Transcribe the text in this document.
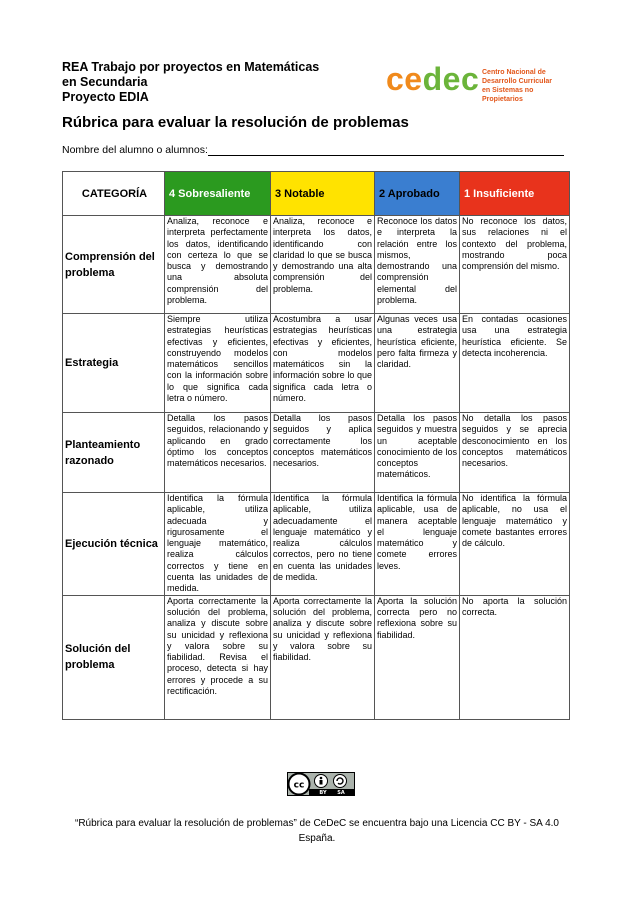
REA Trabajo por proyectos en Matemáticas
en Secundaria
Proyecto EDIA	cedec Centro Nacional de
Desarrollo Curricular
en Sistemas no Propietarios
Rúbrica para evaluar la resolución de problemas
Nombre del alumno o alumnos:
CATEGORÍA	4 Sobresaliente	3 Notable	2 Aprobado	1 Insuficiente
Comprensión del problema	Analiza, reconoce e interpreta perfectamente los datos, identificando con certeza lo que se busca y demostrando una absoluta comprensión del problema.	Analiza, reconoce e interpreta los datos, identificando con claridad lo que se busca y demostrando una alta comprensión del problema.	Reconoce los datos e interpreta la relación entre los mismos, demostrando una comprensión elemental del problema.	No reconoce los datos, sus relaciones ni el contexto del problema, mostrando poca comprensión del mismo.
Estrategia	Siempre utiliza estrategias heurísticas efectivas y eficientes, construyendo modelos matemáticos sencillos con la información sobre lo que significa cada letra o número.	Acostumbra a usar estrategias heurísticas efectivas y eficientes, con modelos matemáticos sin la información sobre lo que significa cada letra o número.	Algunas veces usa una estrategia heurística eficiente, pero falta firmeza y claridad.	En contadas ocasiones usa una estrategia heurística eficiente. Se detecta incoherencia.
Planteamiento razonado	Detalla los pasos seguidos, relacionando y aplicando en grado óptimo los conceptos matemáticos necesarios.	Detalla los pasos seguidos y aplica correctamente los conceptos matemáticos necesarios.	Detalla los pasos seguidos y muestra un aceptable conocimiento de los conceptos matemáticos.	No detalla los pasos seguidos y se aprecia desconocimiento en los conceptos matemáticos necesarios.
Ejecución técnica	Identifica la fórmula aplicable, utiliza adecuada y rigurosamente el lenguaje matemático, realiza cálculos correctos y tiene en cuenta las unidades de medida.	Identifica la fórmula aplicable, utiliza adecuadamente el lenguaje matemático y realiza cálculos correctos, pero no tiene en cuenta las unidades de medida.	Identifica la fórmula aplicable, usa de manera aceptable el lenguaje matemático y comete errores leves.	No identifica la fórmula aplicable, no usa el lenguaje matemático y comete bastantes errores de cálculo.
Solución del problema	Aporta correctamente la solución del problema, analiza y discute sobre su unicidad y reflexiona y valora sobre su fiabilidad. Revisa el proceso, detecta si hay errores y procede a su rectificación.	Aporta correctamente la solución del problema, analiza y discute sobre su unicidad y reflexiona y valora sobre su fiabilidad.	Aporta la solución correcta pero no reflexiona sobre su fiabilidad.	No aporta la solución correcta.
cc
BY SA
“Rúbrica para evaluar la resolución de problemas” de CeDeC se encuentra bajo una Licencia CC BY - SA 4.0 España.
